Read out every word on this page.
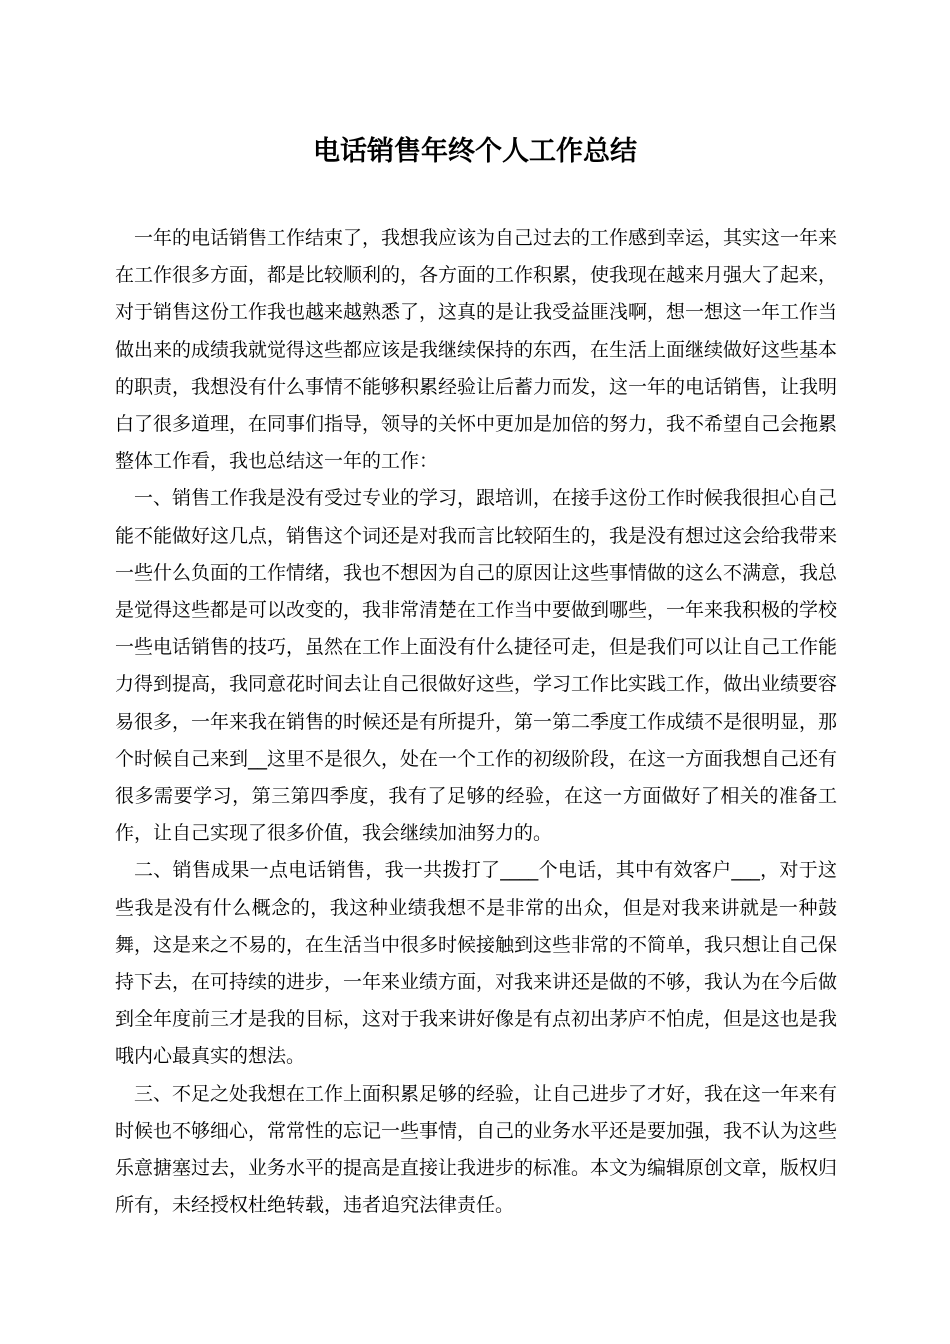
电话销售年终个人工作总结

一年的电话销售工作结束了，我想我应该为自己过去的工作感到幸运，其实这一年来在工作很多方面，都是比较顺利的，各方面的工作积累，使我现在越来月强大了起来，对于销售这份工作我也越来越熟悉了，这真的是让我受益匪浅啊，想一想这一年工作当做出来的成绩我就觉得这些都应该是我继续保持的东西，在生活上面继续做好这些基本的职责，我想没有什么事情不能够积累经验让后蓄力而发，这一年的电话销售，让我明白了很多道理，在同事们指导，领导的关怀中更加是加倍的努力，我不希望自己会拖累整体工作看，我也总结这一年的工作：

一、销售工作我是没有受过专业的学习，跟培训，在接手这份工作时候我很担心自己能不能做好这几点，销售这个词还是对我而言比较陌生的，我是没有想过这会给我带来一些什么负面的工作情绪，我也不想因为自己的原因让这些事情做的这么不满意，我总是觉得这些都是可以改变的，我非常清楚在工作当中要做到哪些，一年来我积极的学校一些电话销售的技巧，虽然在工作上面没有什么捷径可走，但是我们可以让自己工作能力得到提高，我同意花时间去让自己很做好这些，学习工作比实践工作，做出业绩要容易很多，一年来我在销售的时候还是有所提升，第一第二季度工作成绩不是很明显，那个时候自己来到__这里不是很久，处在一个工作的初级阶段，在这一方面我想自己还有很多需要学习，第三第四季度，我有了足够的经验，在这一方面做好了相关的准备工作，让自己实现了很多价值，我会继续加油努力的。

二、销售成果一点电话销售，我一共拨打了____个电话，其中有效客户___，对于这些我是没有什么概念的，我这种业绩我想不是非常的出众，但是对我来讲就是一种鼓舞，这是来之不易的，在生活当中很多时候接触到这些非常的不简单，我只想让自己保持下去，在可持续的进步，一年来业绩方面，对我来讲还是做的不够，我认为在今后做到全年度前三才是我的目标，这对于我来讲好像是有点初出茅庐不怕虎，但是这也是我哦内心最真实的想法。

三、不足之处我想在工作上面积累足够的经验，让自己进步了才好，我在这一年来有时候也不够细心，常常性的忘记一些事情，自己的业务水平还是要加强，我不认为这些乐意搪塞过去，业务水平的提高是直接让我进步的标准。本文为编辑原创文章，版权归所有，未经授权杜绝转载，违者追究法律责任。
